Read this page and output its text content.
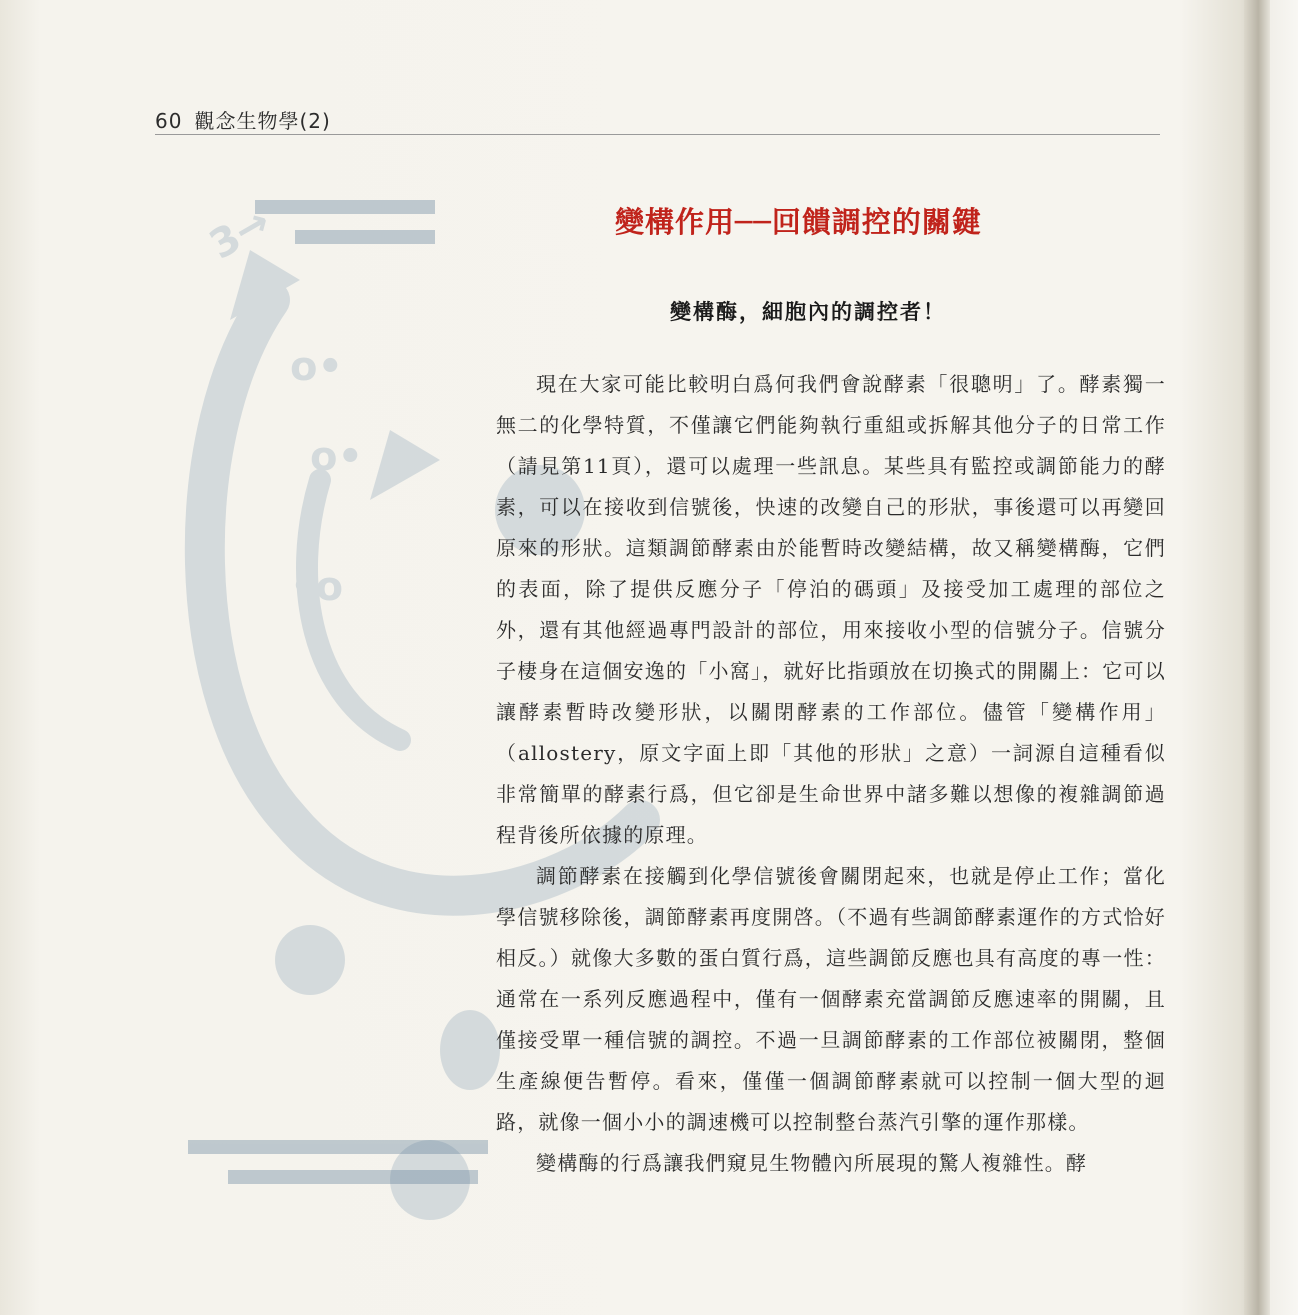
3→
o•
o•
•o
60 觀念生物學(2)
變構作用──回饋調控的關鍵
變構酶，細胞內的調控者！

現在大家可能比較明白爲何我們會說酵素「很聰明」了。酵素獨一無二的化學特質，不僅讓它們能夠執行重組或拆解其他分子的日常工作（請見第11頁），還可以處理一些訊息。某些具有監控或調節能力的酵素，可以在接收到信號後，快速的改變自己的形狀，事後還可以再變回原來的形狀。這類調節酵素由於能暫時改變結構，故又稱變構酶，它們的表面，除了提供反應分子「停泊的碼頭」及接受加工處理的部位之外，還有其他經過專門設計的部位，用來接收小型的信號分子。信號分子棲身在這個安逸的「小窩」，就好比指頭放在切換式的開關上：它可以讓酵素暫時改變形狀，以關閉酵素的工作部位。儘管「變構作用」（allostery，原文字面上即「其他的形狀」之意）一詞源自這種看似非常簡單的酵素行爲，但它卻是生命世界中諸多難以想像的複雜調節過程背後所依據的原理。

調節酵素在接觸到化學信號後會關閉起來，也就是停止工作；當化學信號移除後，調節酵素再度開啓。（不過有些調節酵素運作的方式恰好相反。）就像大多數的蛋白質行爲，這些調節反應也具有高度的專一性：通常在一系列反應過程中，僅有一個酵素充當調節反應速率的開關，且僅接受單一種信號的調控。不過一旦調節酵素的工作部位被關閉，整個生產線便告暫停。看來，僅僅一個調節酵素就可以控制一個大型的迴路，就像一個小小的調速機可以控制整台蒸汽引擎的運作那樣。

變構酶的行爲讓我們窺見生物體內所展現的驚人複雜性。酵
